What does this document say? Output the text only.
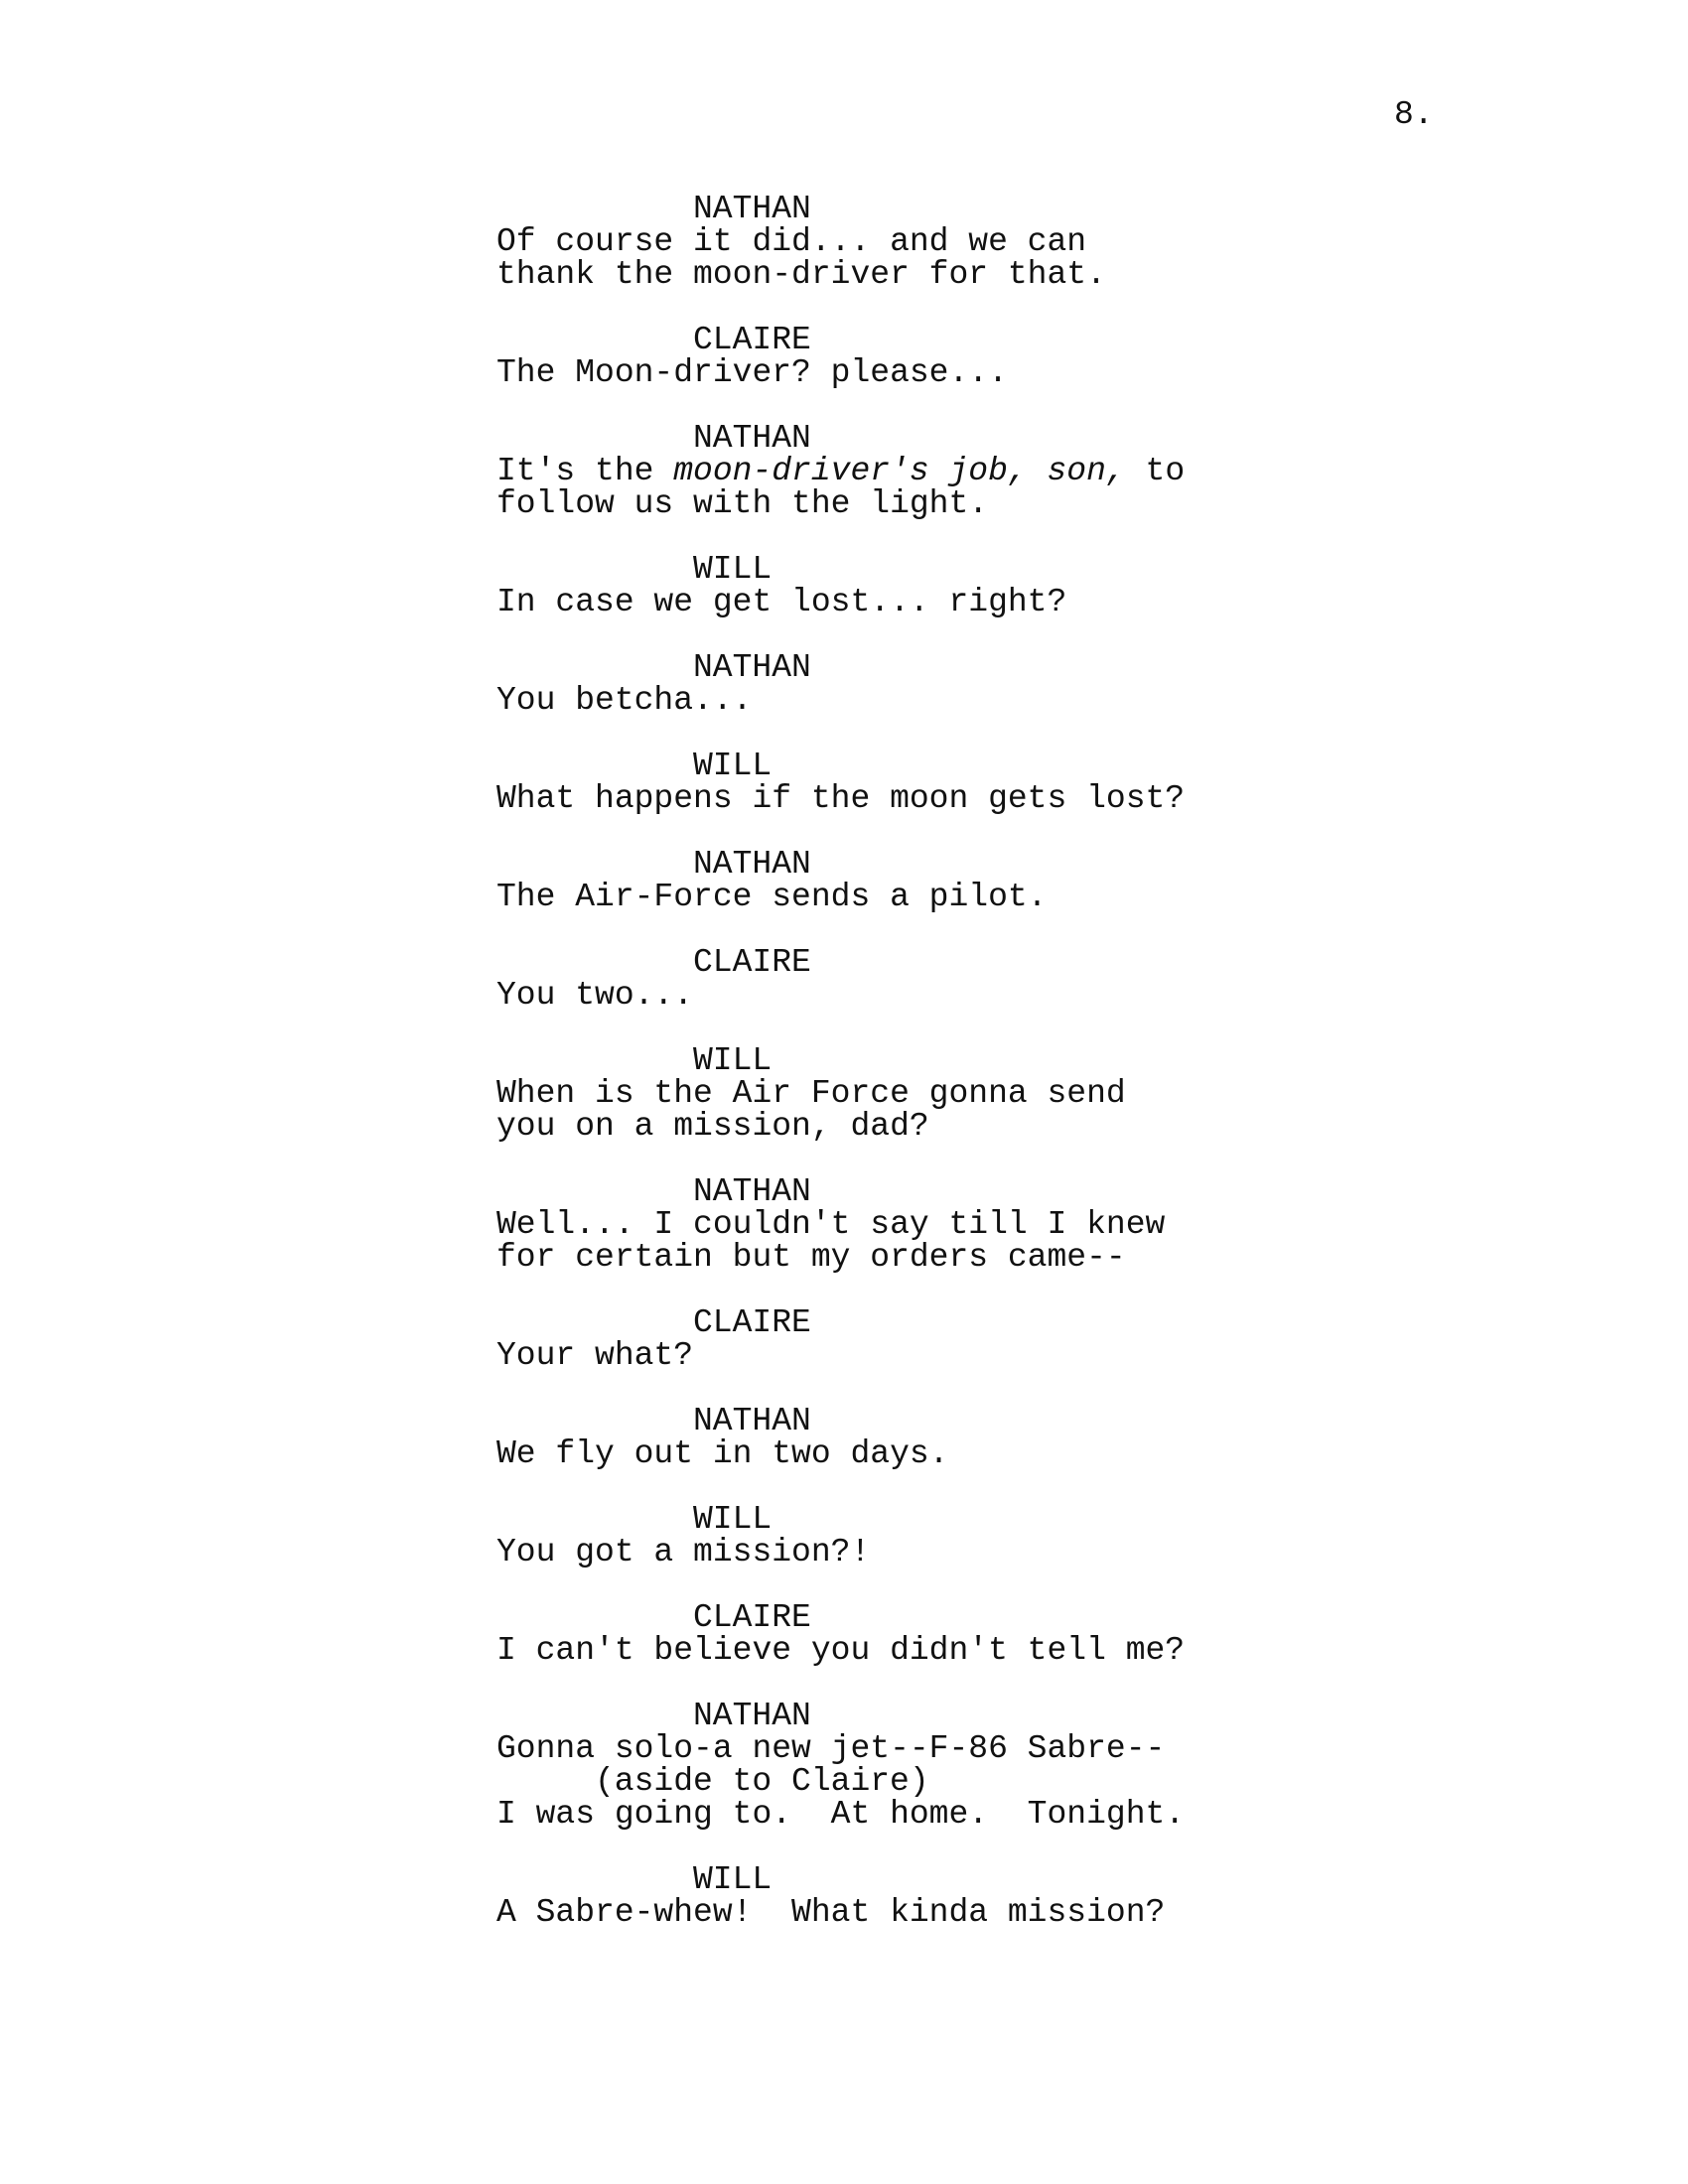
8.
NATHAN
Of course it did... and we can
thank the moon-driver for that.
CLAIRE
The Moon-driver? please...
NATHAN
It's the moon-driver's job, son, to
follow us with the light.
WILL
In case we get lost... right?
NATHAN
You betcha...
WILL
What happens if the moon gets lost?
NATHAN
The Air-Force sends a pilot.
CLAIRE
You two...
WILL
When is the Air Force gonna send
you on a mission, dad?
NATHAN
Well... I couldn't say till I knew
for certain but my orders came--
CLAIRE
Your what?
NATHAN
We fly out in two days.
WILL
You got a mission?!
CLAIRE
I can't believe you didn't tell me?
NATHAN
Gonna solo-a new jet--F-86 Sabre--
(aside to Claire)
I was going to.  At home.  Tonight.
WILL
A Sabre-whew!  What kinda mission?
